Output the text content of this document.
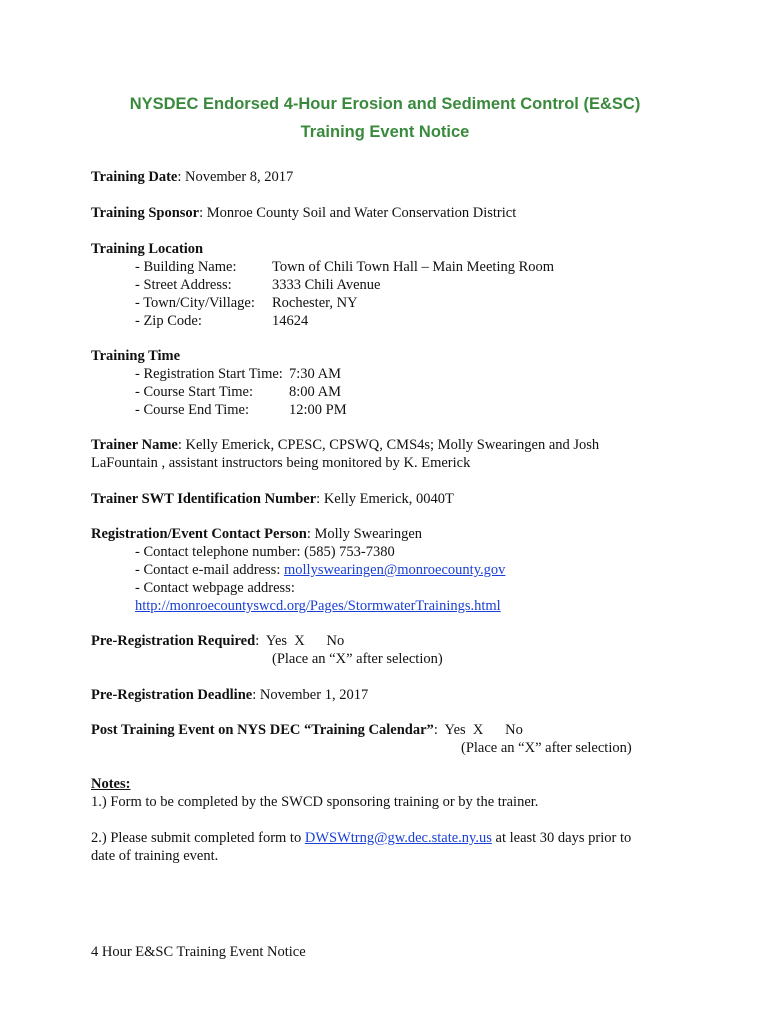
NYSDEC Endorsed 4-Hour Erosion and Sediment Control (E&SC)
Training Event Notice
Training Date: November 8, 2017
Training Sponsor: Monroe County Soil and Water Conservation District
Training Location
- Building Name: Town of Chili Town Hall – Main Meeting Room
- Street Address:	3333 Chili Avenue
- Town/City/Village: Rochester, NY
- Zip Code:	14624
Training Time
- Registration Start Time: 7:30 AM
- Course Start Time: 8:00 AM
- Course End Time:	12:00 PM
Trainer Name: Kelly Emerick, CPESC, CPSWQ, CMS4s; Molly Swearingen and Josh
LaFountain , assistant instructors being monitored by K. Emerick
Trainer SWT Identification Number: Kelly Emerick, 0040T
Registration/Event Contact Person: Molly Swearingen
- Contact telephone number: (585) 753-7380
- Contact e-mail address: mollyswearingen@monroecounty.gov
- Contact webpage address:
http://monroecountyswcd.org/Pages/StormwaterTrainings.html
Pre-Registration Required:  Yes  X      No
(Place an “X” after selection)
Pre-Registration Deadline: November 1, 2017
Post Training Event on NYS DEC “Training Calendar”:  Yes  X      No
(Place an “X” after selection)
Notes:
1.) Form to be completed by the SWCD sponsoring training or by the trainer.
2.) Please submit completed form to DWSWtrng@gw.dec.state.ny.us at least 30 days prior to
date of training event.
4 Hour E&SC Training Event Notice
